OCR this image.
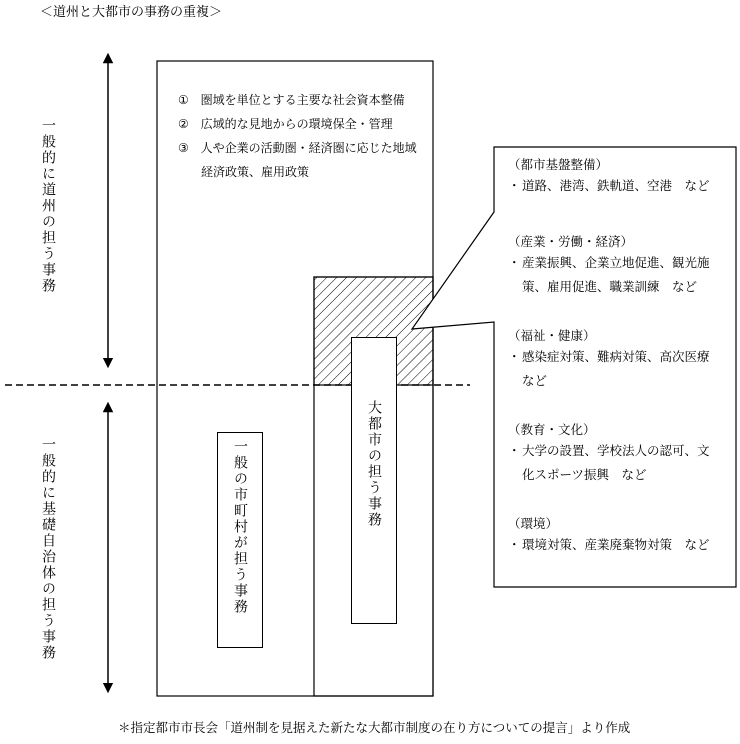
＜道州と大都市の事務の重複＞
一般的に道州の担う事務
一般的に基礎自治体の担う事務
① 圏域を単位とする主要な社会資本整備
② 広域的な見地からの環境保全・管理
③ 人や企業の活動圏・経済圏に応じた地域
経済政策、雇用政策
一般の市町村が担う事務	大都市の担う事務
（都市基盤整備）
・ 道路、港湾、鉄軌道、空港　など
（産業・労働・経済）
・ 産業振興、企業立地促進、観光施
策、雇用促進、職業訓練　など
（福祉・健康）
・ 感染症対策、難病対策、高次医療
など
（教育・文化）
・ 大学の設置、学校法人の認可、文
化スポーツ振興　など
（環境）
・ 環境対策、産業廃棄物対策　など
＊指定都市市長会「道州制を見据えた新たな大都市制度の在り方についての提言」より作成
